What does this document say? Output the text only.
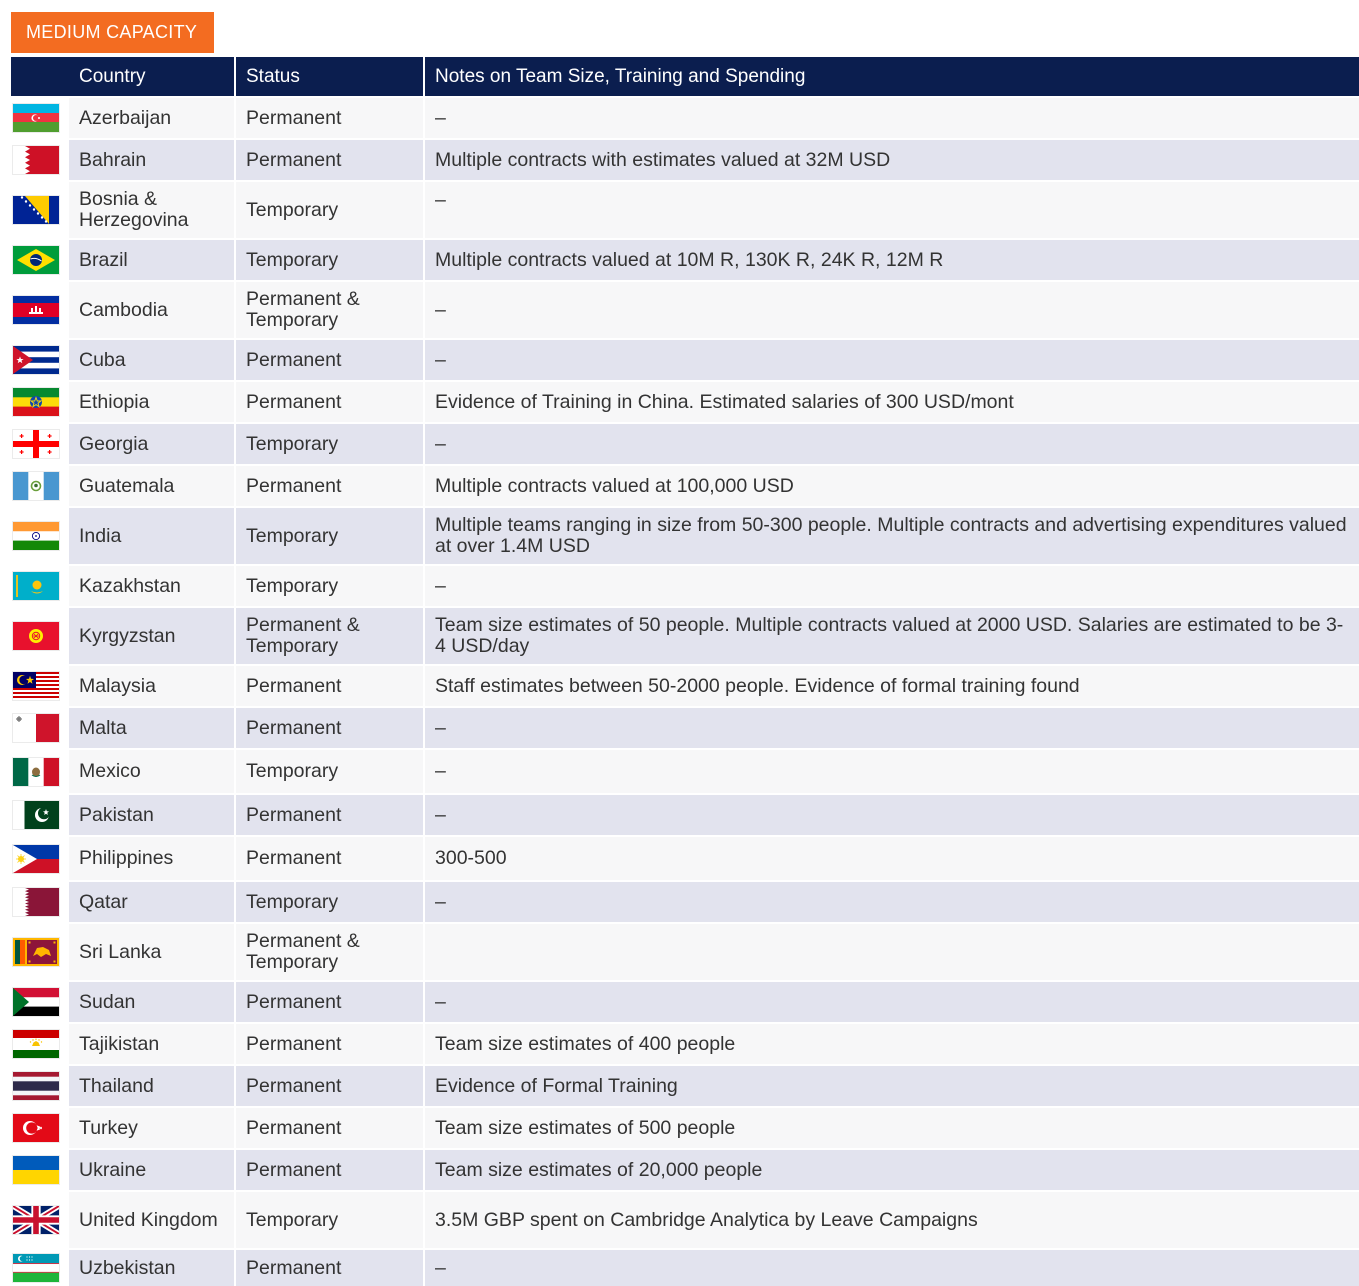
MEDIUM CAPACITY
	Country	Status	Notes on Team Size, Training and Spending

	Azerbaijan	Permanent	–

	Bahrain	Permanent	Multiple contracts with estimates valued at 32M USD

	Bosnia & Herzegovina	Temporary	–

	Brazil	Temporary	Multiple contracts valued at 10M R, 130K R, 24K R, 12M R

	Cambodia	Permanent & Temporary	–

	Cuba	Permanent	–

	Ethiopia	Permanent	Evidence of Training in China. Estimated salaries of 300 USD/mont

	Georgia	Temporary	–

	Guatemala	Permanent	Multiple contracts valued at 100,000 USD

	India	Temporary	Multiple teams ranging in size from 50-300 people. Multiple contracts and advertising expenditures valued at over 1.4M USD

	Kazakhstan	Temporary	–

	Kyrgyzstan	Permanent & Temporary	Team size estimates of 50 people. Multiple contracts valued at 2000 USD. Salaries are estimated to be 3-4 USD/day

	Malaysia	Permanent	Staff estimates between 50-2000 people. Evidence of formal training found

	Malta	Permanent	–

	Mexico	Temporary	–

	Pakistan	Permanent	–

	Philippines	Permanent	300-500

	Qatar	Temporary	–

	Sri Lanka	Permanent & Temporary	

	Sudan	Permanent	–

	Tajikistan	Permanent	Team size estimates of 400 people

	Thailand	Permanent	Evidence of Formal Training

	Turkey	Permanent	Team size estimates of 500 people

	Ukraine	Permanent	Team size estimates of 20,000 people

	United Kingdom	Temporary	3.5M GBP spent on Cambridge Analytica by Leave Campaigns

	Uzbekistan	Permanent	–
